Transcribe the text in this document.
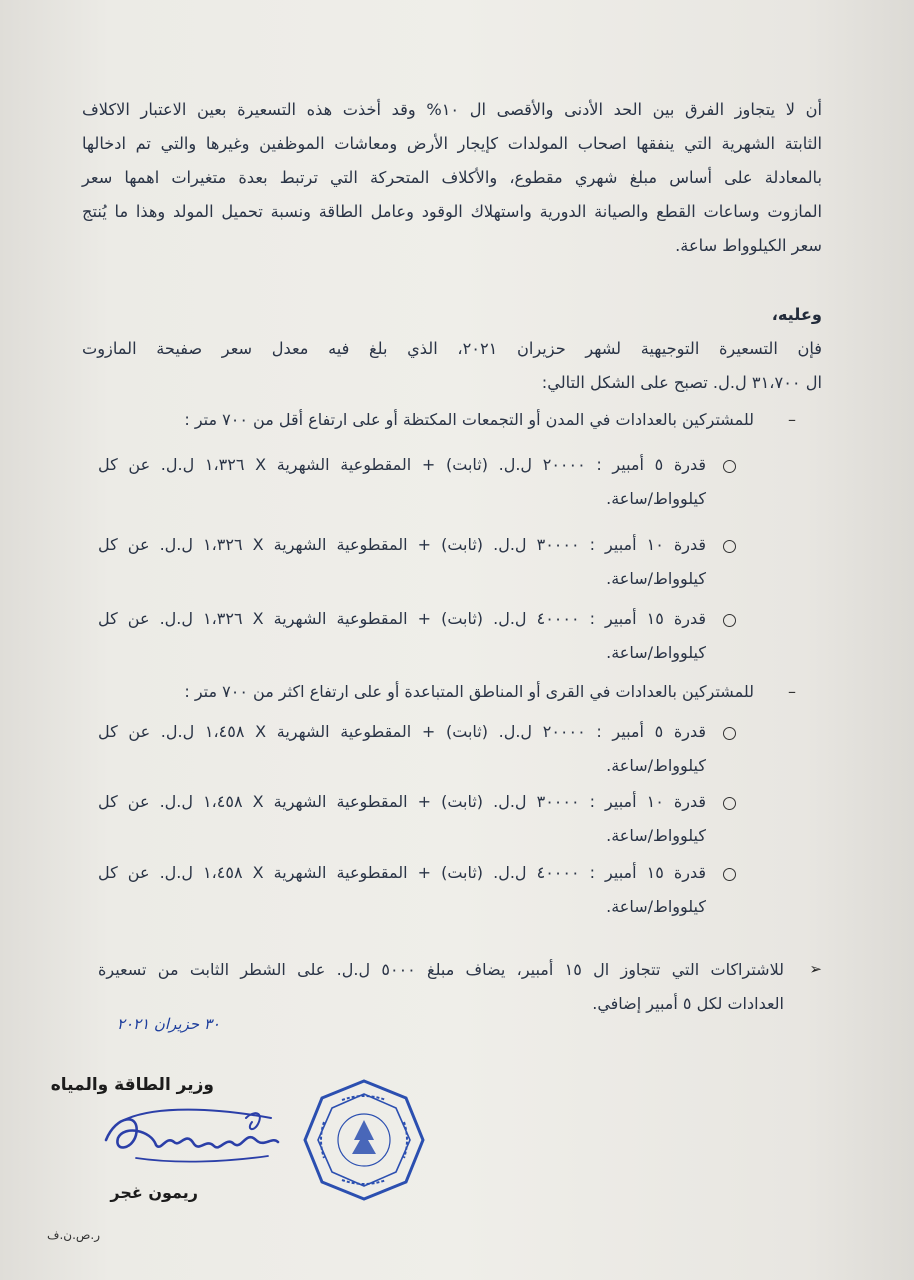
أن لا يتجاوز الفرق بين الحد الأدنى والأقصى ال ١٠% وقد أخذت هذه التسعيرة بعين الاعتبار الاكلاف
الثابتة الشهرية التي ينفقها اصحاب المولدات كإيجار الأرض ومعاشات الموظفين وغيرها والتي تم ادخالها
بالمعادلة على أساس مبلغ شهري مقطوع، والأكلاف المتحركة التي ترتبط بعدة متغيرات اهمها سعر
المازوت وساعات القطع والصيانة الدورية واستهلاك الوقود وعامل الطاقة ونسبة تحميل المولد وهذا ما يُنتج
سعر الكيلوواط ساعة.
وعليه،
فإن التسعيرة التوجيهية لشهر حزيران ٢٠٢١، الذي بلغ فيه معدل سعر صفيحة المازوت
ال ٣١،٧٠٠ ل.ل. تصبح على الشكل التالي:
–
للمشتركين بالعدادات في المدن أو التجمعات المكتظة أو على ارتفاع أقل من ٧٠٠ متر :
قدرة ٥ أمبير : ٢٠٠٠٠ ل.ل. (ثابت) + المقطوعية الشهرية X ١،٣٢٦ ل.ل. عن كل
كيلوواط/ساعة.
قدرة ١٠ أمبير : ٣٠٠٠٠ ل.ل. (ثابت) + المقطوعية الشهرية X ١،٣٢٦ ل.ل. عن كل
كيلوواط/ساعة.
قدرة ١٥ أمبير : ٤٠٠٠٠ ل.ل. (ثابت) + المقطوعية الشهرية X ١،٣٢٦ ل.ل. عن كل
كيلوواط/ساعة.
–
للمشتركين بالعدادات في القرى أو المناطق المتباعدة أو على ارتفاع اكثر من ٧٠٠ متر :
قدرة ٥ أمبير : ٢٠٠٠٠ ل.ل. (ثابت) + المقطوعية الشهرية X ١،٤٥٨ ل.ل. عن كل
كيلوواط/ساعة.
قدرة ١٠ أمبير : ٣٠٠٠٠ ل.ل. (ثابت) + المقطوعية الشهرية X ١،٤٥٨ ل.ل. عن كل
كيلوواط/ساعة.
قدرة ١٥ أمبير : ٤٠٠٠٠ ل.ل. (ثابت) + المقطوعية الشهرية X ١،٤٥٨ ل.ل. عن كل
كيلوواط/ساعة.
➢
للاشتراكات التي تتجاوز ال ١٥ أمبير، يضاف مبلغ ٥٠٠٠ ل.ل. على الشطر الثابت من تسعيرة
العدادات لكل ٥ أمبير إضافي.
٣٠ حزيران ٢٠٢١
وزير الطاقة والمياه
ريمون غجر
ر.ص.ن.ف
